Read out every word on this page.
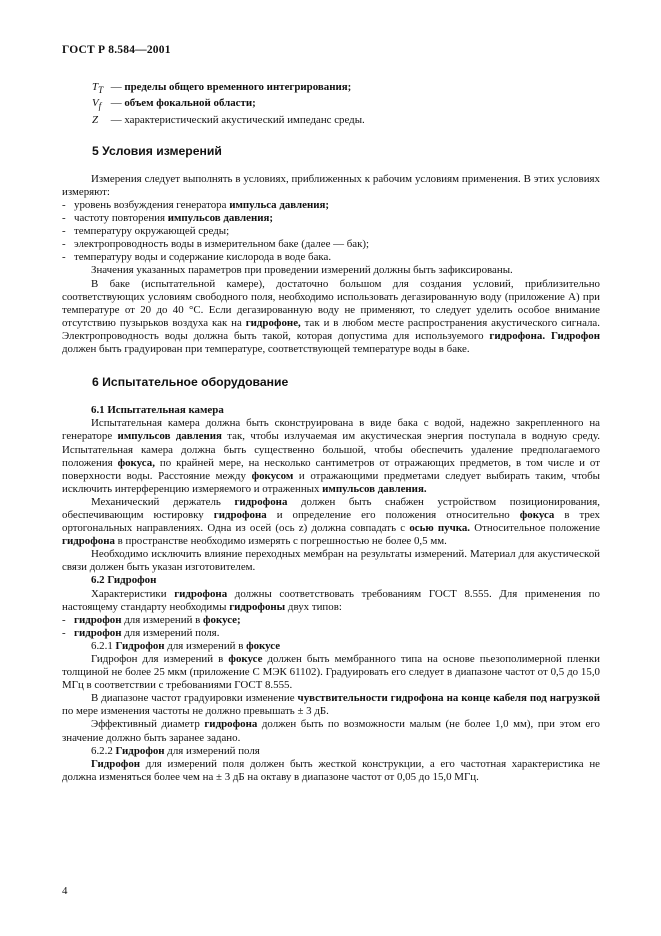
ГОСТ Р 8.584—2001
$T_T$ — пределы общего временного интегрирования;
$V_f$ — объем фокальной области;
Z — характеристический акустический импеданс среды.
5 Условия измерений

Измерения следует выполнять в условиях, приближенных к рабочим условиям применения. В этих условиях измеряют:

- уровень возбуждения генератора импульса давления;
- частоту повторения импульсов давления;
- температуру окружающей среды;
- электропроводность воды в измерительном баке (далее — бак);
- температуру воды и содержание кислорода в воде бака.

Значения указанных параметров при проведении измерений должны быть зафиксированы.

В баке (испытательной камере), достаточно большом для создания условий, приблизительно соответствующих условиям свободного поля, необходимо использовать дегазированную воду (приложение А) при температуре от 20 до 40 °С. Если дегазированную воду не применяют, то следует уделить особое внимание отсутствию пузырьков воздуха как на гидрофоне, так и в любом месте распространения акустического сигнала. Электропроводность воды должна быть такой, которая допустима для используемого гидрофона. Гидрофон должен быть градуирован при температуре, соответствующей температуре воды в баке.

6 Испытательное оборудование
6.1 Испытательная камера

Испытательная камера должна быть сконструирована в виде бака с водой, надежно закрепленного на генераторе импульсов давления так, чтобы излучаемая им акустическая энергия поступала в водную среду. Испытательная камера должна быть существенно большой, чтобы обеспечить удаление предполагаемого положения фокуса, по крайней мере, на несколько сантиметров от отражающих предметов, в том числе и от поверхности воды. Расстояние между фокусом и отражающими предметами следует выбирать таким, чтобы исключить интерференцию измеряемого и отраженных импульсов давления.

Механический держатель гидрофона должен быть снабжен устройством позиционирования, обеспечивающим юстировку гидрофона и определение его положения относительно фокуса в трех ортогональных направлениях. Одна из осей (ось z) должна совпадать с осью пучка. Относительное положение гидрофона в пространстве необходимо измерять с погрешностью не более 0,5 мм.

Необходимо исключить влияние переходных мембран на результаты измерений. Материал для акустической связи должен быть указан изготовителем.

6.2 Гидрофон

Характеристики гидрофона должны соответствовать требованиям ГОСТ 8.555. Для применения по настоящему стандарту необходимы гидрофоны двух типов:

- гидрофон для измерений в фокусе;
- гидрофон для измерений поля.
6.2.1 Гидрофон для измерений в фокусе

Гидрофон для измерений в фокусе должен быть мембранного типа на основе пьезополимерной пленки толщиной не более 25 мкм (приложение С МЭК 61102). Градуировать его следует в диапазоне частот от 0,5 до 15,0 МГц в соответствии с требованиями ГОСТ 8.555.

В диапазоне частот градуировки изменение чувствительности гидрофона на конце кабеля под нагрузкой по мере изменения частоты не должно превышать ± 3 дБ.

Эффективный диаметр гидрофона должен быть по возможности малым (не более 1,0 мм), при этом его значение должно быть заранее задано.

6.2.2 Гидрофон для измерений поля

Гидрофон для измерений поля должен быть жесткой конструкции, а его частотная характеристика не должна изменяться более чем на ± 3 дБ на октаву в диапазоне частот от 0,05 до 15,0 МГц.

4
